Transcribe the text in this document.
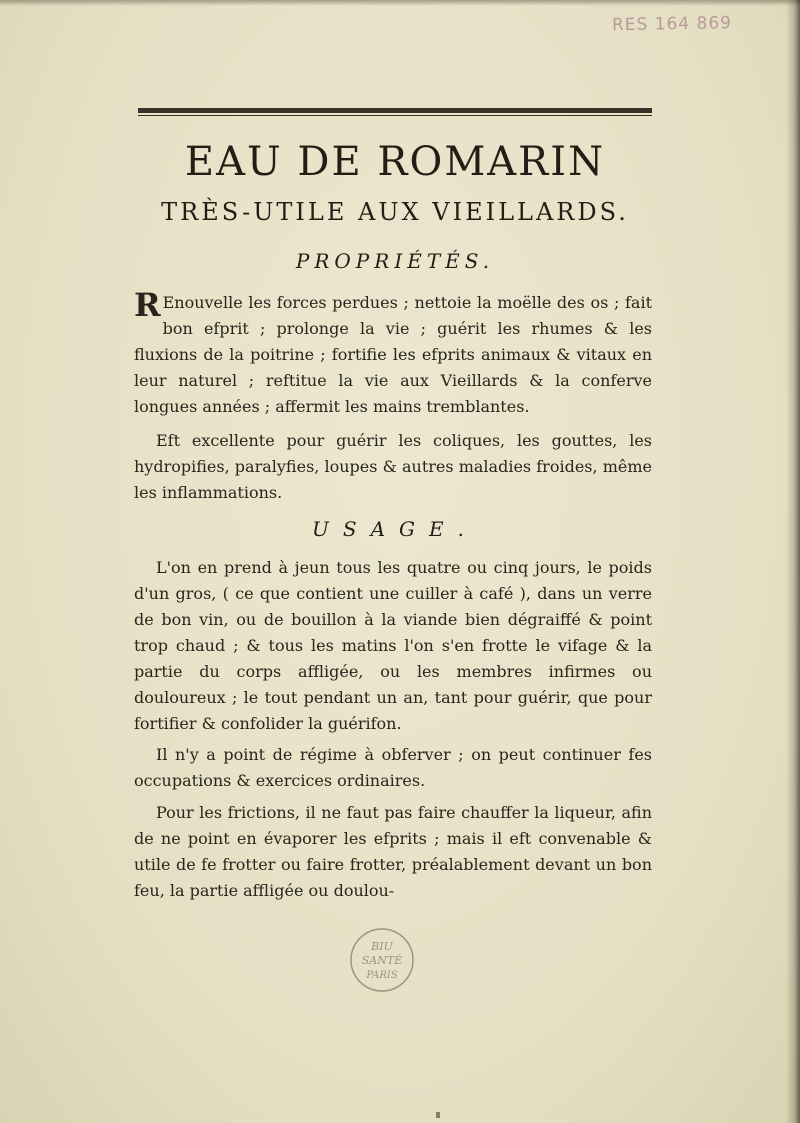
RES 164 869
EAU DE ROMARIN
TRÈS-UTILE AUX VIEILLARDS.
PROPRIÉTÉS.
R Enouvelle les forces perdues ; nettoie la moëlle des os ; fait bon efprit ; prolonge la vie ; guérit les rhumes & les fluxions de la poitrine ; fortifie les efprits animaux & vitaux en leur naturel ; reftitue la vie aux Vieillards & la conferve longues années ; affermit les mains tremblantes.
Eft excellente pour guérir les coliques, les gouttes, les hydropifies, paralyfies, loupes & autres maladies froides, même les inflammations.
USAGE.
L'on en prend à jeun tous les quatre ou cinq jours, le poids d'un gros, ( ce que contient une cuiller à café ), dans un verre de bon vin, ou de bouillon à la viande bien dégraiffé & point trop chaud ; & tous les matins l'on s'en frotte le vifage & la partie du corps affligée, ou les membres infirmes ou douloureux ; le tout pendant un an, tant pour guérir, que pour fortifier & confolider la guérifon.
Il n'y a point de régime à obferver ; on peut continuer fes occupations & exercices ordinaires.
Pour les frictions, il ne faut pas faire chauffer la liqueur, afin de ne point en évaporer les efprits ; mais il eft convenable & utile de fe frotter ou faire frotter, préalablement devant un bon feu, la partie affligée ou doulou-
BIU
SANTÉ
PARIS
